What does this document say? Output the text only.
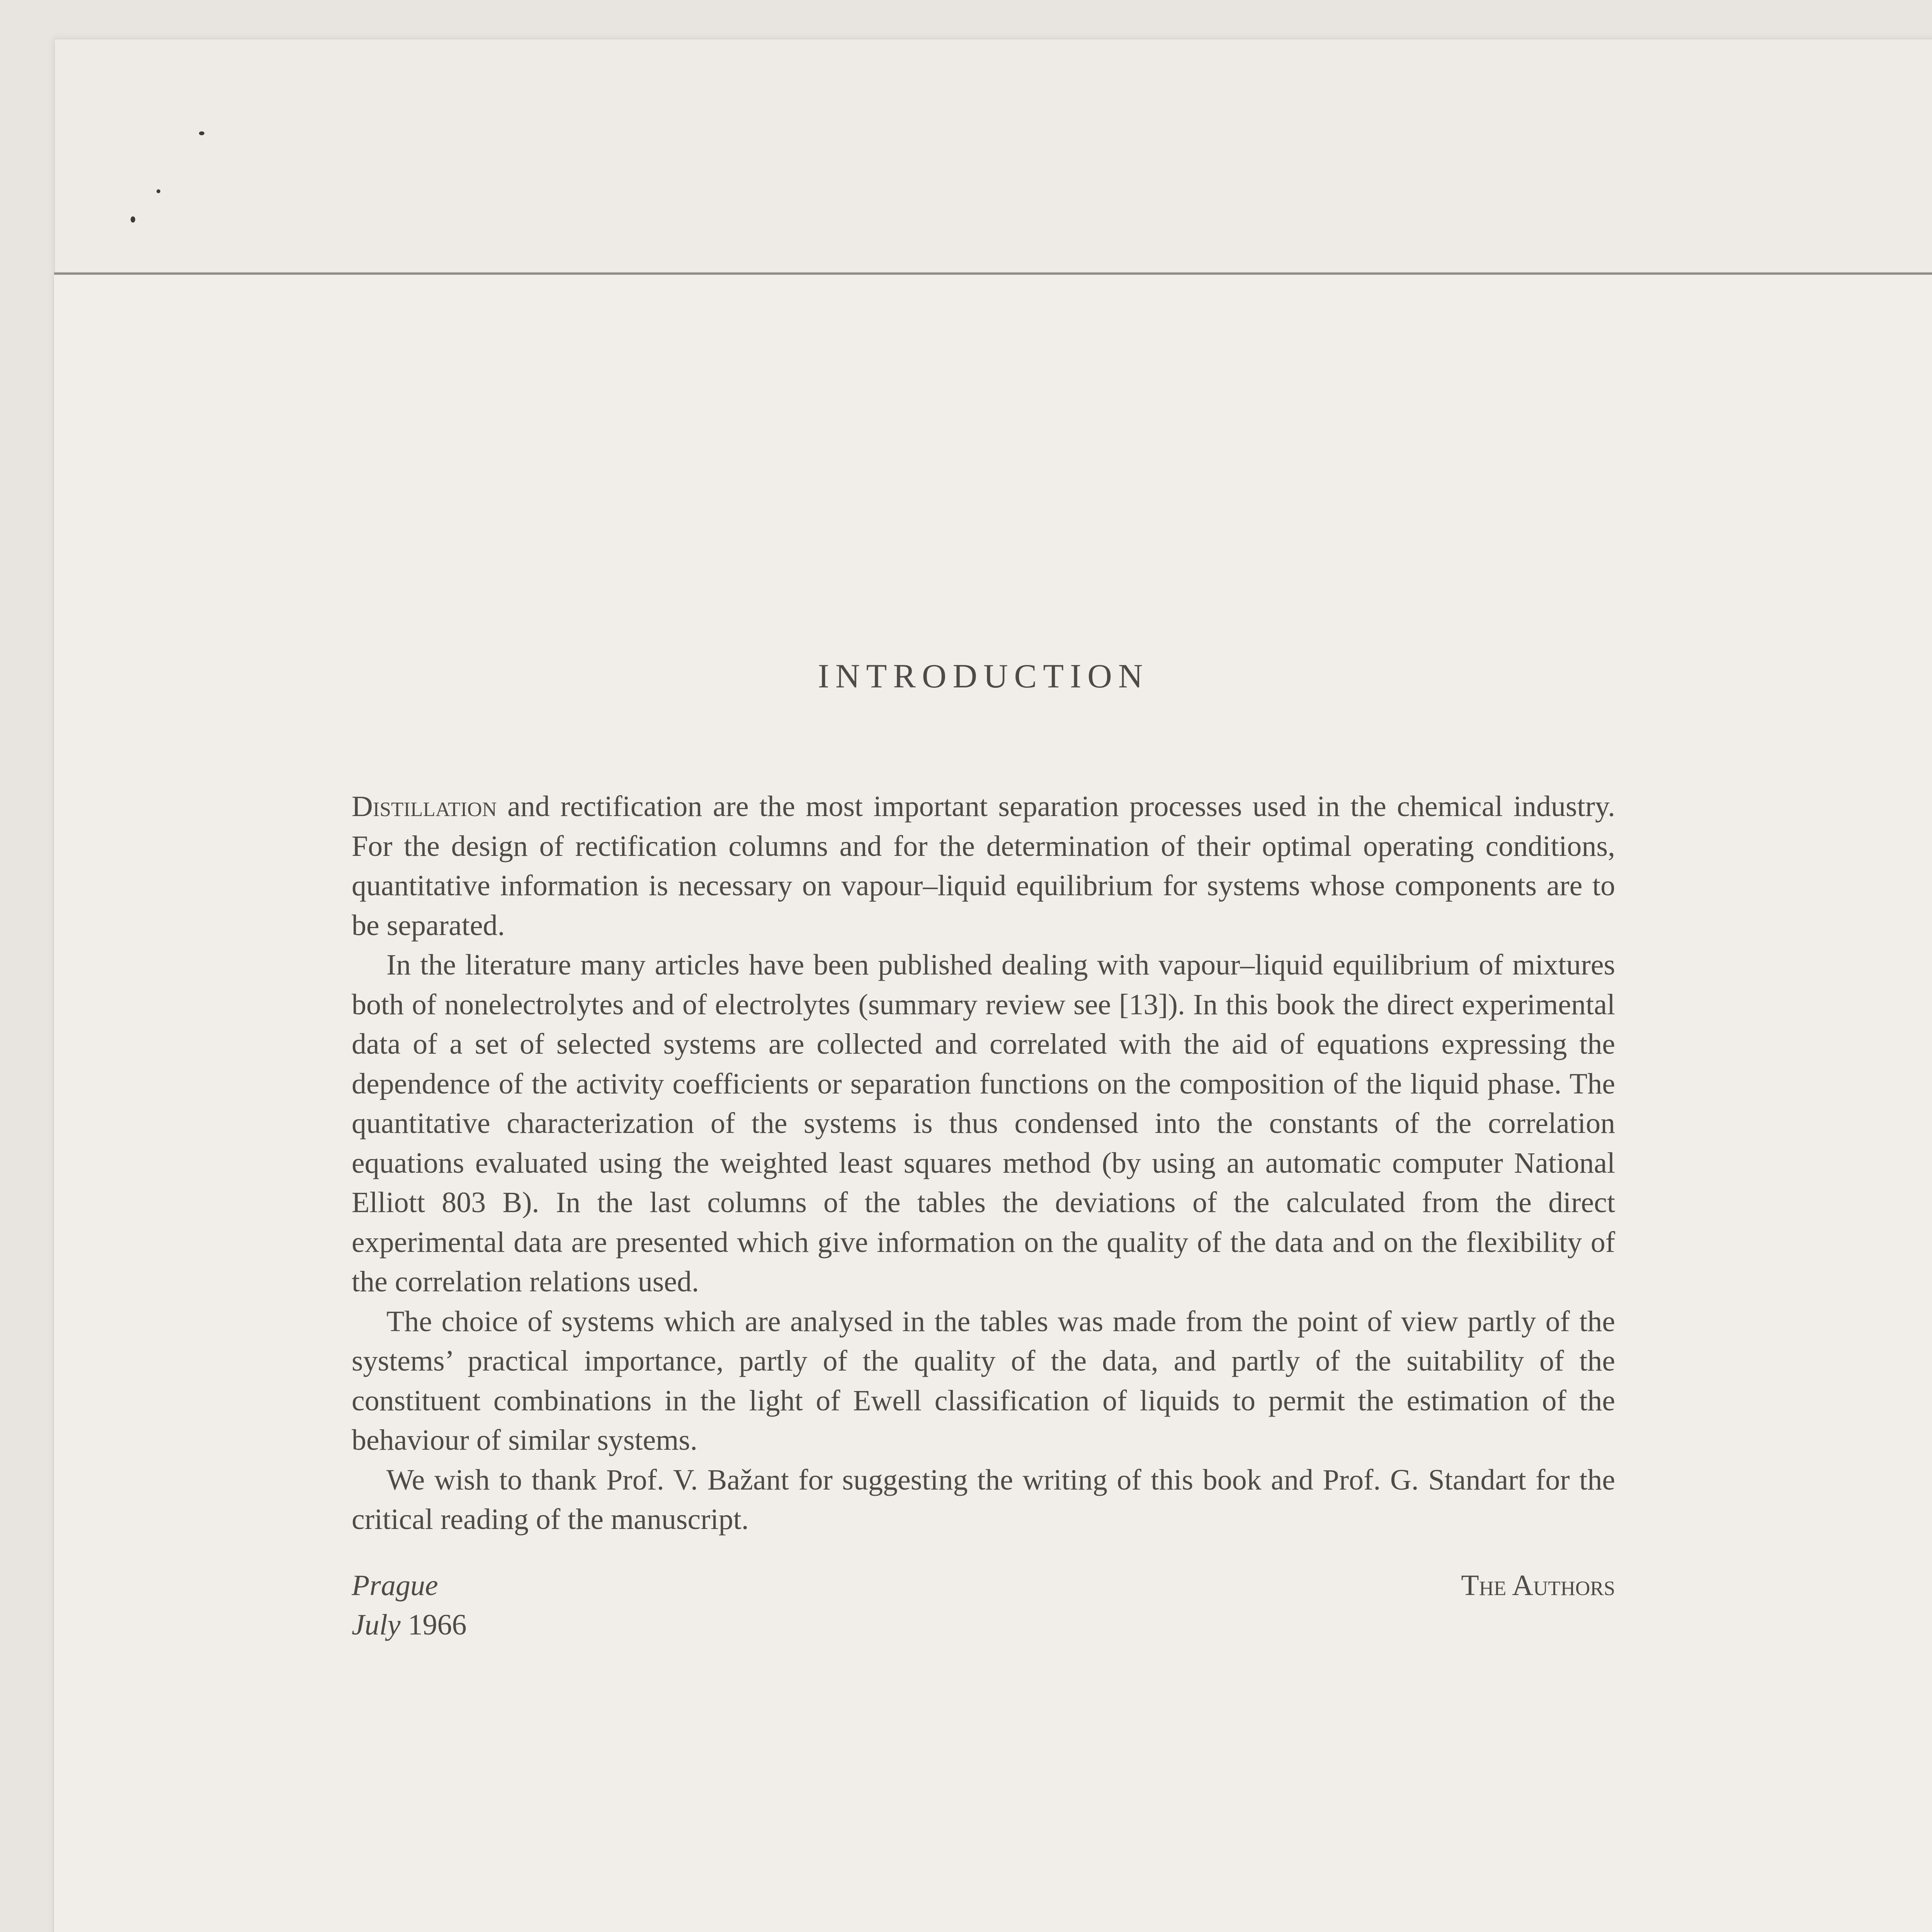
INTRODUCTION

Distillation and rectification are the most important separation processes used in the chemical industry. For the design of rectification columns and for the determination of their optimal operating conditions, quantitative information is necessary on vapour–liquid equilibrium for systems whose components are to be separated.

In the literature many articles have been published dealing with vapour–liquid equilibrium of mixtures both of nonelectrolytes and of electrolytes (summary review see [13]). In this book the direct experimental data of a set of selected systems are collected and correlated with the aid of equations expressing the dependence of the activity coefficients or separation functions on the composition of the liquid phase. The quantitative characterization of the systems is thus condensed into the constants of the correlation equations evaluated using the weighted least squares method (by using an automatic computer National Elliott 803 B). In the last columns of the tables the deviations of the calculated from the direct experimental data are presented which give information on the quality of the data and on the flexibility of the correlation relations used.

The choice of systems which are analysed in the tables was made from the point of view partly of the systems’ practical importance, partly of the quality of the data, and partly of the suitability of the constituent combinations in the light of Ewell classification of liquids to permit the estimation of the behaviour of similar systems.

We wish to thank Prof. V. Bažant for suggesting the writing of this book and Prof. G. Standart for the critical reading of the manuscript.

Prague
July 1966
The Authors
